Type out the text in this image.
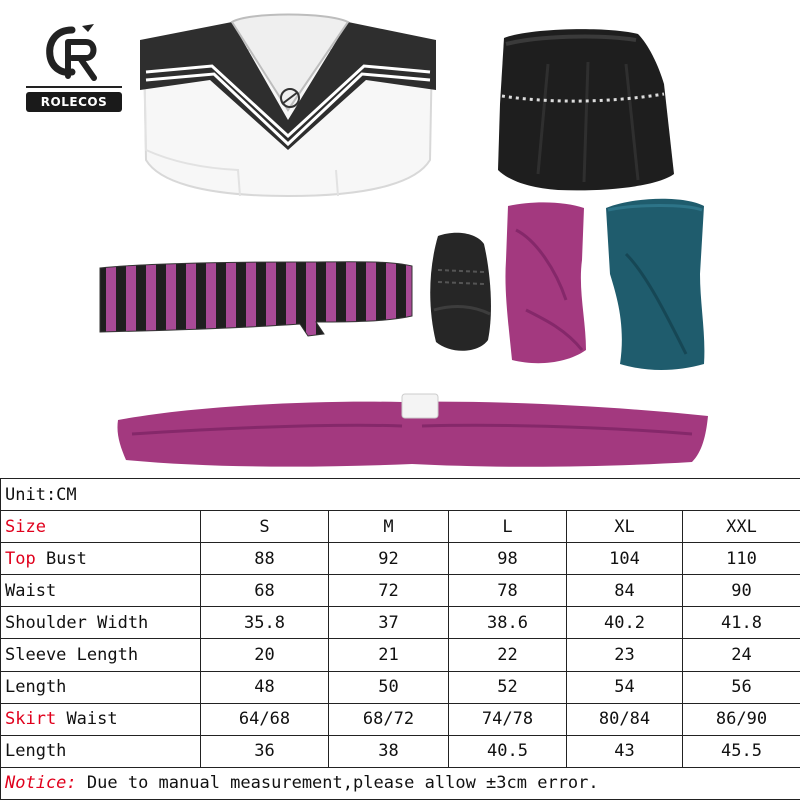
ROLECOS
Unit:CM					
Size	S	M	L	XL	XXL
Top Bust	88	92	98	104	110
Waist	68	72	78	84	90
Shoulder Width	35.8	37	38.6	40.2	41.8
Sleeve Length	20	21	22	23	24
Length	48	50	52	54	56
Skirt Waist	64/68	68/72	74/78	80/84	86/90
Length	36	38	40.5	43	45.5
Notice: Due to manual measurement,please allow ±3cm error.					
